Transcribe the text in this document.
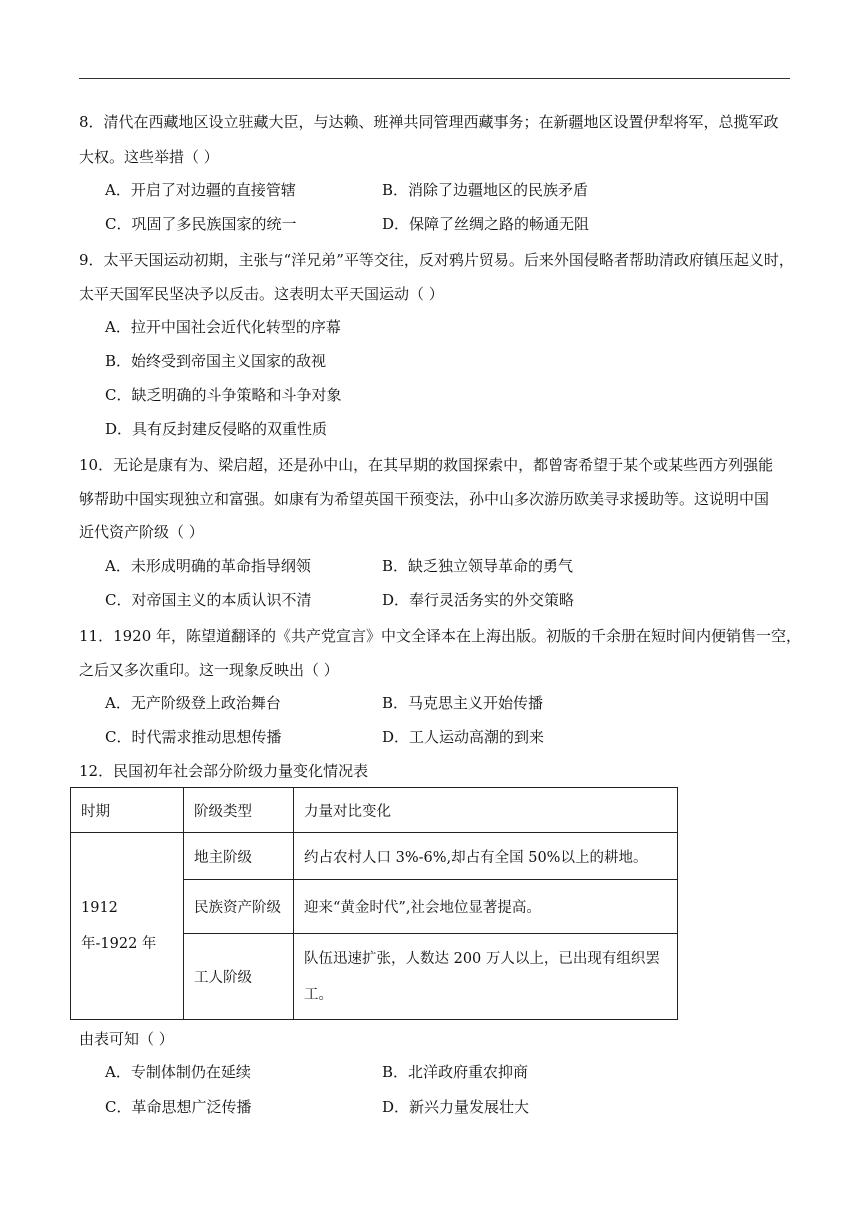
8．清代在西藏地区设立驻藏大臣，与达赖、班禅共同管理西藏事务；在新疆地区设置伊犁将军，总揽军政
大权。这些举措（ ）
A．开启了对边疆的直接管辖	B．消除了边疆地区的民族矛盾
C．巩固了多民族国家的统一	D．保障了丝绸之路的畅通无阻
9．太平天国运动初期，主张与“洋兄弟”平等交往，反对鸦片贸易。后来外国侵略者帮助清政府镇压起义时，
太平天国军民坚决予以反击。这表明太平天国运动（ ）
A．拉开中国社会近代化转型的序幕
B．始终受到帝国主义国家的敌视
C．缺乏明确的斗争策略和斗争对象
D．具有反封建反侵略的双重性质
10．无论是康有为、梁启超，还是孙中山，在其早期的救国探索中，都曾寄希望于某个或某些西方列强能
够帮助中国实现独立和富强。如康有为希望英国干预变法，孙中山多次游历欧美寻求援助等。这说明中国
近代资产阶级（ ）
A．未形成明确的革命指导纲领	B．缺乏独立领导革命的勇气
C．对帝国主义的本质认识不清	D．奉行灵活务实的外交策略
11．1920 年，陈望道翻译的《共产党宣言》中文全译本在上海出版。初版的千余册在短时间内便销售一空，
之后又多次重印。这一现象反映出（ ）
A．无产阶级登上政治舞台	B．马克思主义开始传播
C．时代需求推动思想传播	D．工人运动高潮的到来
12．民国初年社会部分阶级力量变化情况表
时期	阶级类型	力量对比变化
1912 年-1922 年	地主阶级	约占农村人口 3%-6%,却占有全国 50%以上的耕地。
	民族资产阶级	迎来“黄金时代”,社会地位显著提高。
	工人阶级	队伍迅速扩张，人数达 200 万人以上，已出现有组织罢工。
由表可知（ ）
A．专制体制仍在延续	B．北洋政府重农抑商
C．革命思想广泛传播	D．新兴力量发展壮大
